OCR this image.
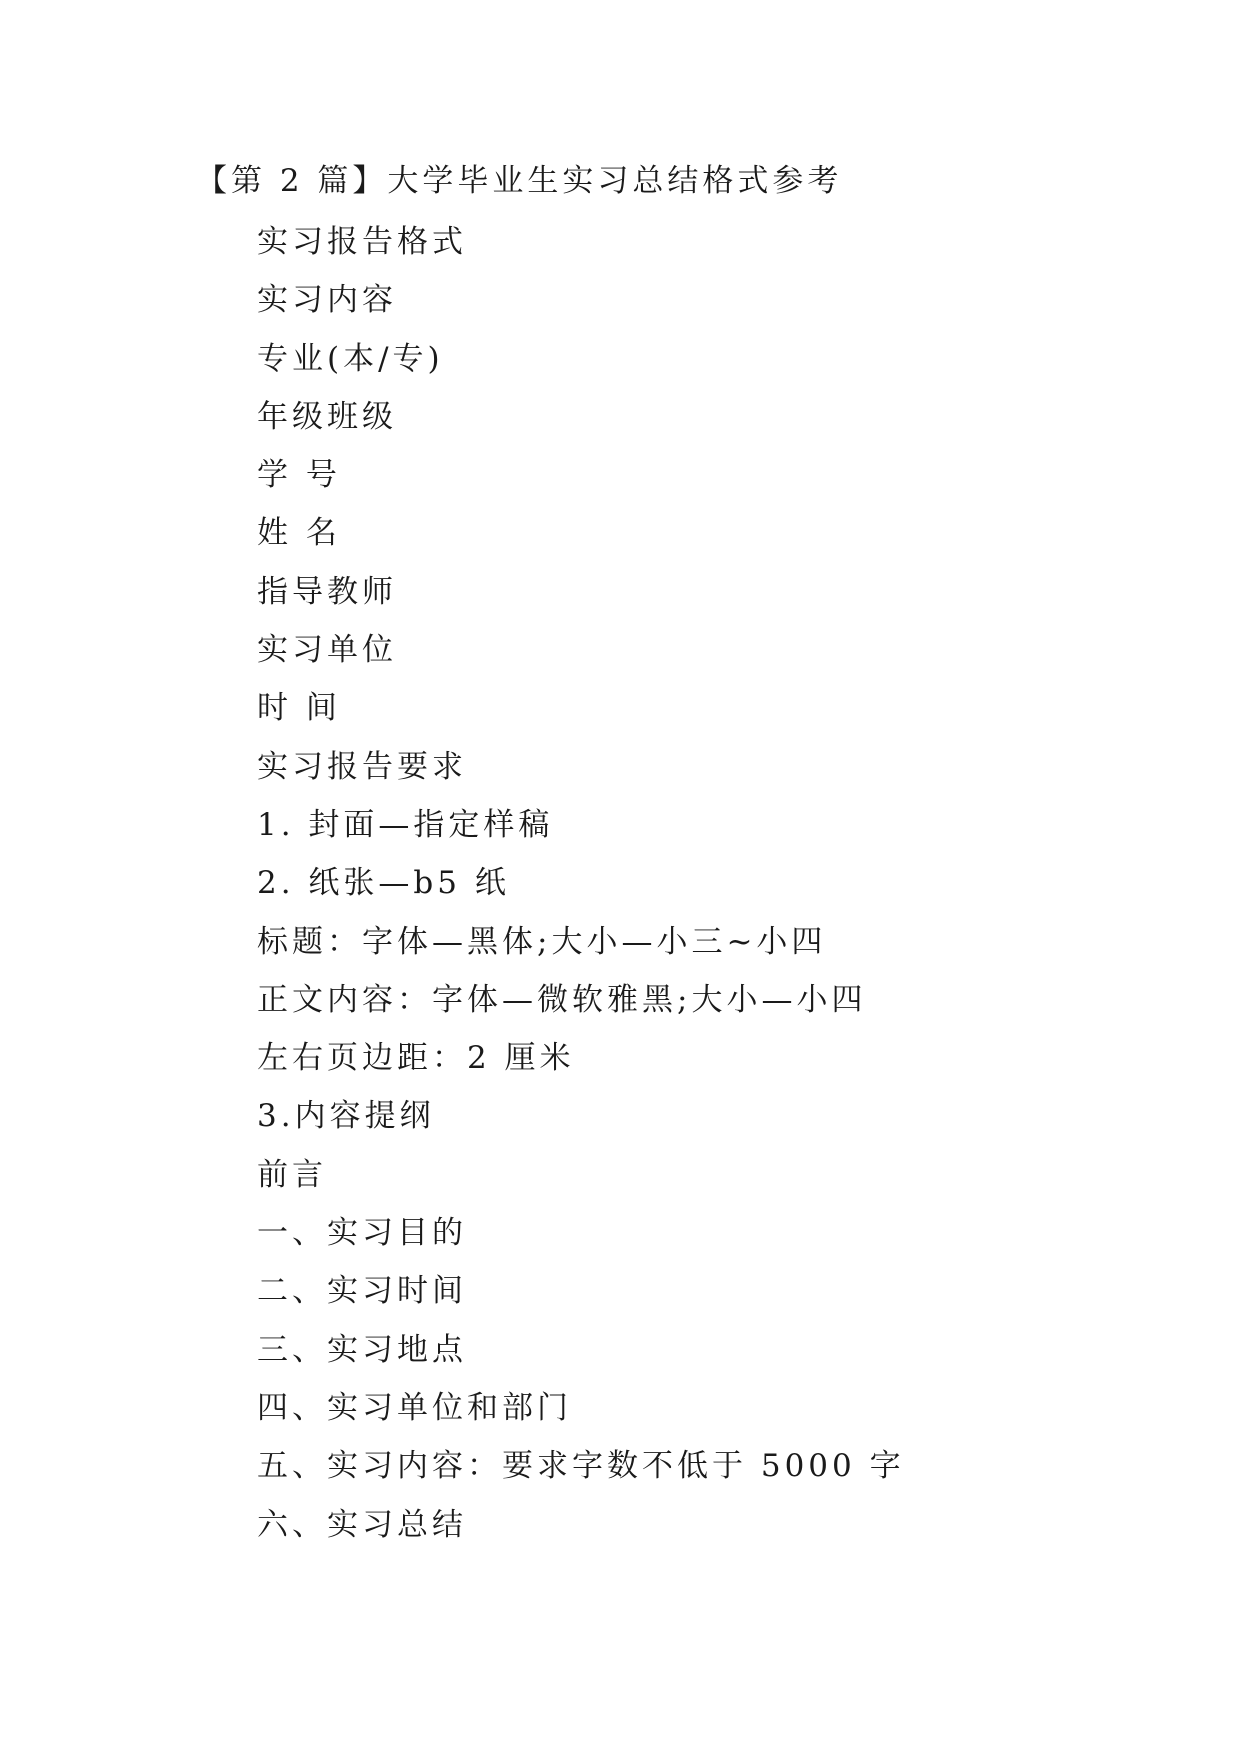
【第 2 篇】大学毕业生实习总结格式参考
实习报告格式
实习内容
专业(本/专)
年级班级
学 号
姓 名
指导教师
实习单位
时 间
实习报告要求
1. 封面—指定样稿
2. 纸张—b5 纸
标题：字体—黑体;大小—小三~小四
正文内容：字体—微软雅黑;大小—小四
左右页边距：2 厘米
3.内容提纲
前言
一、实习目的
二、实习时间
三、实习地点
四、实习单位和部门
五、实习内容：要求字数不低于 5000 字
六、实习总结
